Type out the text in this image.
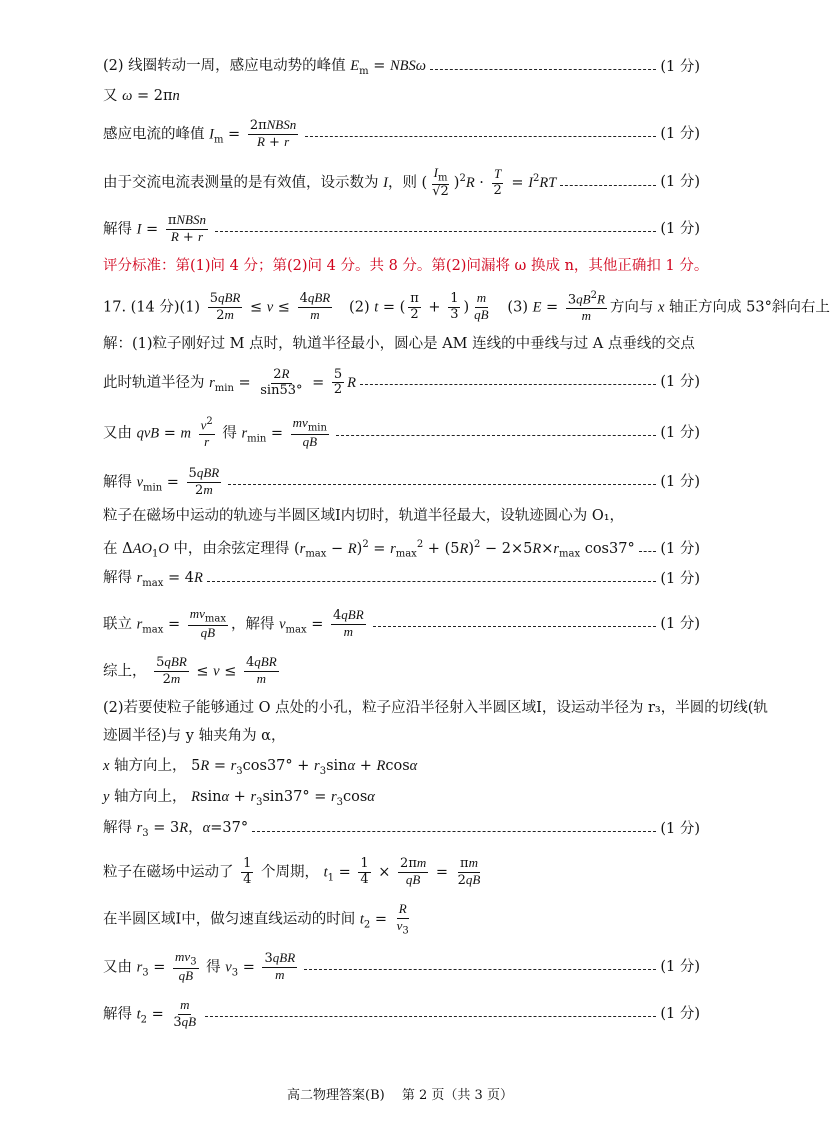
(2) 线圈转动一周，感应电动势的峰值 $E_m = NBS\omega$	(1 分)
又 ω = 2πn
感应电流的峰值 $I_m = \frac{\text{2πNBSn}}{R + r}$	(1 分)
由于交流电流表测量的是有效值，设示数为 I，则 ( $\frac{I_m}{√2} )^2R \cdot \frac{T}{2} = I^2RT$	(1 分)
解得 $I = \frac{\text{πNBSn}}{R + r}$	(1 分)
评分标准：第(1)问 4 分；第(2)问 4 分。共 8 分。第(2)问漏将 ω 换成 n，其他正确扣 1 分。
17. (14 分)$(1) \frac{\text{5qBR}}{2m} \le v \le \frac{\text{4qBR}}{m} (2) t$ = ( $\frac{\pi}{2} + \frac{1}{3}$ ) $\frac{m}{qB} (3) E = \frac{3qB^2R}{m}$ 方向与 x 轴正方向成 53°斜向右上
解：(1)粒子刚好过 M 点时，轨道半径最小，圆心是 AM 连线的中垂线与过 A 点垂线的交点
此时轨道半径为 $r_{min} = \frac{2R}{\sin 53^\circ} = \frac{5}{2}$ R	(1 分)
又由 qvB = m $\frac{v^2}{r}$ 得 $r_{min} = \frac{mv_{min}}{qB}$	(1 分)
解得 $v_{min} = \frac{\text{5qBR}}{2m}$	(1 分)
粒子在磁场中运动的轨迹与半圆区域Ⅰ内切时，轨道半径最大，设轨迹圆心为 O₁，
在 $\Delta AO_1O$ 中，由余弦定理得 $(r_{max} - R)^2 = r_{max}^2 + (5R)^2 - 2\times 5R\times r_{max}$ cos37° (1 分)
解得 $r_{max} = 4R$	(1 分)
联立 $r_{max} = \frac{mv_{max}}{qB}$ ，解得 $v_{max} = \frac{\text{4qBR}}{m}$	(1 分)
综上， $\frac{\text{5qBR}}{2m} \le v \le \frac{\text{4qBR}}{m}$
(2)若要使粒子能够通过 O 点处的小孔，粒子应沿半径射入半圆区域Ⅰ，设运动半径为 r₃，半圆的切线(轨
迹圆半径)与 y 轴夹角为 α，
x 轴方向上， $5R = r_3\cos 37^\circ + r_3\sin\alpha + Rcos\alpha$
y 轴方向上， $Rsin\alpha + r_3\sin 37^\circ = r_3\cos\alpha$
解得 $r_3 = 3R$，α=37°	(1 分)
粒子在磁场中运动了 $\frac{1}{4}$ 个周期， $t_1 = \frac{1}{4} \times \frac{2\pi m}{qB} = \frac{\pi m}{2qB}$
在半圆区域Ⅰ中，做匀速直线运动的时间 $t_2 = \frac{R}{v_3}$
又由 $r_3 = \frac{mv_3}{qB}$ 得 $v_3 = \frac{\text{3qBR}}{m}$	(1 分)
解得 $t_2 = \frac{m}{3qB}$	(1 分)
高二物理答案(B)　 第 2 页（共 3 页）
